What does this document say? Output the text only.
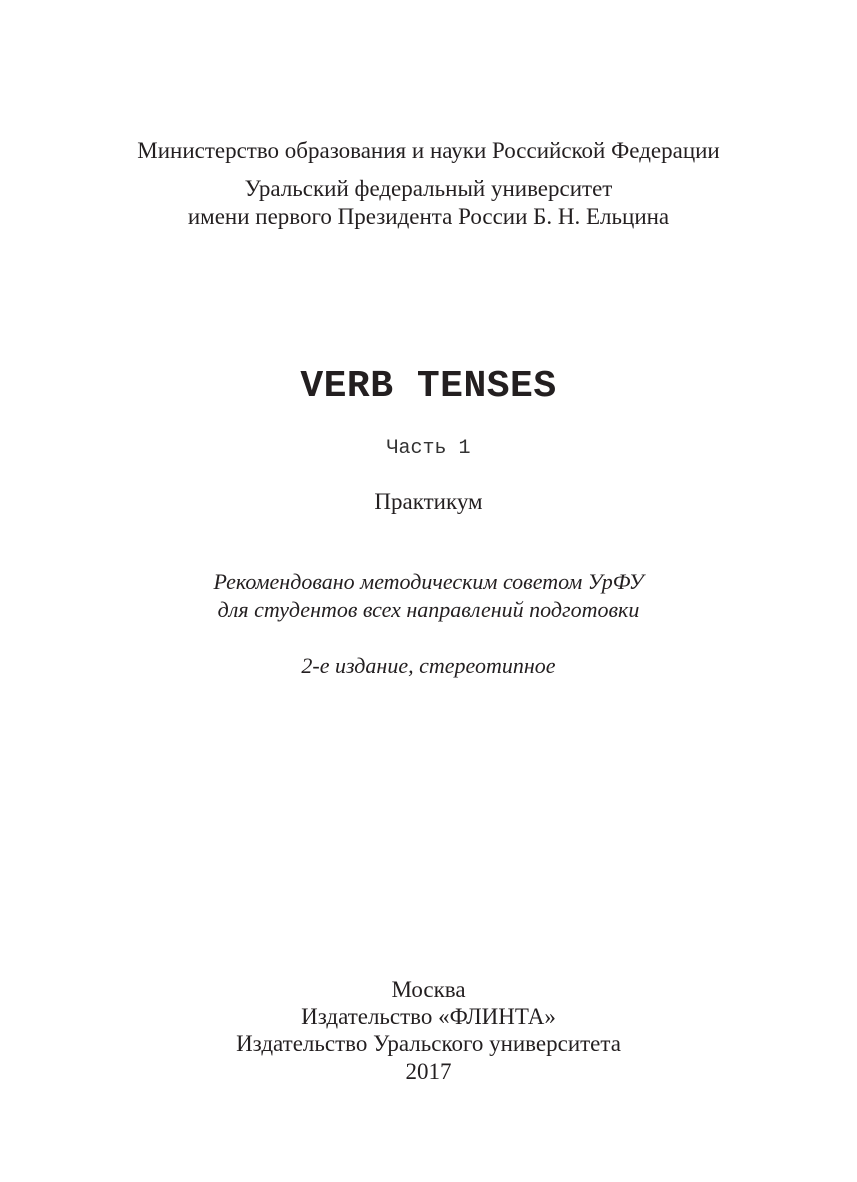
Министерство образования и науки Российской Федерации

Уральский федеральный университет

имени первого Президента России Б. Н. Ельцина

VERB TENSES

Часть 1

Практикум

Рекомендовано методическим советом УрФУ

для студентов всех направлений подготовки

2-е издание, стереотипное

Москва

Издательство «ФЛИНТА»

Издательство Уральского университета

2017
